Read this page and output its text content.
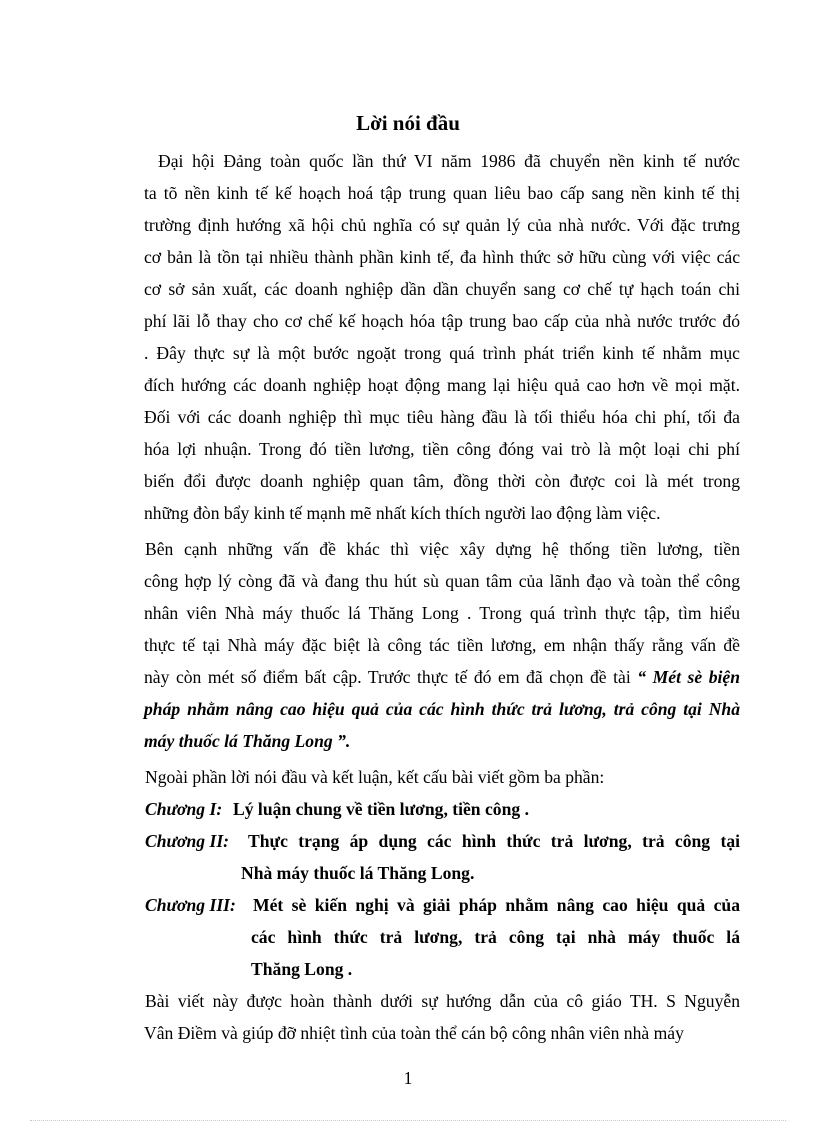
Lời nói đầu
Đại hội Đảng toàn quốc lần thứ VI năm 1986 đã chuyển nền kinh tế nước
ta tõ nền kinh tế kế hoạch hoá tập trung quan liêu bao cấp sang nền kinh tế thị
trường định hướng xã hội chủ nghĩa có sự quản lý của nhà nước. Với đặc trưng
cơ bản là tồn tại nhiều thành phần kinh tế, đa hình thức sở hữu cùng với việc các
cơ sở sản xuất, các doanh nghiệp dần dần chuyển sang cơ chế tự hạch toán chi
phí lãi lỗ thay cho cơ chế kế hoạch hóa tập trung bao cấp của nhà nước trước đó
. Đây thực sự là một bước ngoặt trong quá trình phát triển kinh tế nhằm mục
đích hướng các doanh nghiệp hoạt động mang lại hiệu quả cao hơn về mọi mặt.
Đối với các doanh nghiệp thì mục tiêu hàng đầu là tối thiểu hóa chi phí, tối đa
hóa lợi nhuận. Trong đó tiền lương, tiền công đóng vai trò là một loại chi phí
biến đổi được doanh nghiệp quan tâm, đồng thời còn được coi là mét trong
những đòn bẩy kinh tế mạnh mẽ nhất kích thích người lao động làm việc.
Bên cạnh những vấn đề khác thì việc xây dựng hệ thống tiền lương, tiền
công hợp lý còng đã và đang thu hút sù quan tâm của lãnh đạo và toàn thể công
nhân viên Nhà máy thuốc lá Thăng Long . Trong quá trình thực tập, tìm hiểu
thực tế tại Nhà máy đặc biệt là công tác tiền lương, em nhận thấy rằng vấn đề
này còn mét số điểm bất cập. Trước thực tế đó em đã chọn đề tài “ Mét sè biện
pháp nhằm nâng cao hiệu quả của các hình thức trả lương, trả công tại Nhà
máy thuốc lá Thăng Long ”.
Ngoài phần lời nói đầu và kết luận, kết cấu bài viết gồm ba phần:
Chương I: Lý luận chung về tiền lương, tiền công .
Chương II: Thực trạng áp dụng các hình thức trả lương, trả công tại
Nhà máy thuốc lá Thăng Long.
Chương III: Mét sè kiến nghị và giải pháp nhằm nâng cao hiệu quả của
các hình thức trả lương, trả công tại nhà máy thuốc lá
Thăng Long .
Bài viết này được hoàn thành dưới sự hướng dẫn của cô giáo TH. S Nguyễn
Vân Điềm và giúp đỡ nhiệt tình của toàn thể cán bộ công nhân viên nhà máy
1
